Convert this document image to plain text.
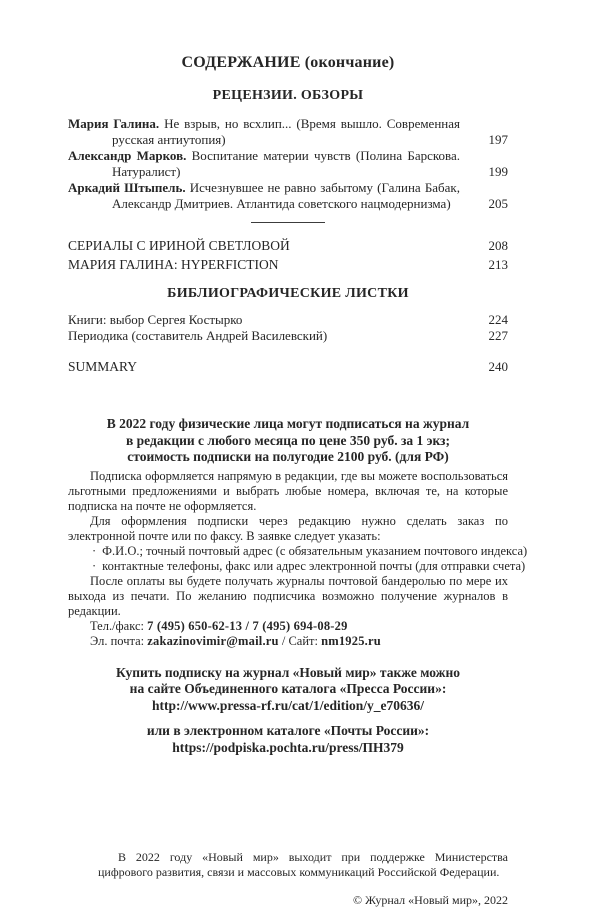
СОДЕРЖАНИЕ (окончание)
РЕЦЕНЗИИ. ОБЗОРЫ

Мария Галина. Не взрыв, но всхлип... (Время вышло. Современная русская антиутопия)	197

Александр Марков. Воспитание материи чувств (Полина Барскова. Натуралист)	199

Аркадий Штыпель. Исчезнувшее не равно забытому (Галина Бабак, Александр Дмитриев. Атлантида советского нацмодернизма)	205

СЕРИАЛЫ С ИРИНОЙ СВЕТЛОВОЙ	208

МАРИЯ ГАЛИНА: HYPERFICTION	213
БИБЛИОГРАФИЧЕСКИЕ ЛИСТКИ

Книги: выбор Сергея Костырко	224

Периодика (составитель Андрей Василевский)	227

SUMMARY	240

В 2022 году физические лица могут подписаться на журнал

в редакции с любого месяца по цене 350 руб. за 1 экз;

стоимость подписки на полугодие 2100 руб. (для РФ)

Подписка оформляется напрямую в редакции, где вы можете воспользоваться льготными предложениями и выбрать любые номера, включая те, на которые подписка на почте не оформляется.

Для оформления подписки через редакцию нужно сделать заказ по электронной почте или по факсу. В заявке следует указать:

· Ф.И.О.; точный почтовый адрес (с обязательным указанием почтового индекса)

· контактные телефоны, факс или адрес электронной почты (для отправки счета)

После оплаты вы будете получать журналы почтовой бандеролью по мере их выхода из печати. По желанию подписчика возможно получение журналов в редакции.

Тел./факс: 7 (495) 650-62-13 / 7 (495) 694-08-29

Эл. почта: zakazinovimir@mail.ru / Сайт: nm1925.ru

Купить подписку на журнал «Новый мир» также можно

на сайте Объединенного каталога «Пресса России»:

http://www.pressa-rf.ru/cat/1/edition/y_e70636/

или в электронном каталоге «Почты России»:

https://podpiska.pochta.ru/press/ПН379

В 2022 году «Новый мир» выходит при поддержке Министерства цифрового развития, связи и массовых коммуникаций Российской Федерации.

© Журнал «Новый мир», 2022
